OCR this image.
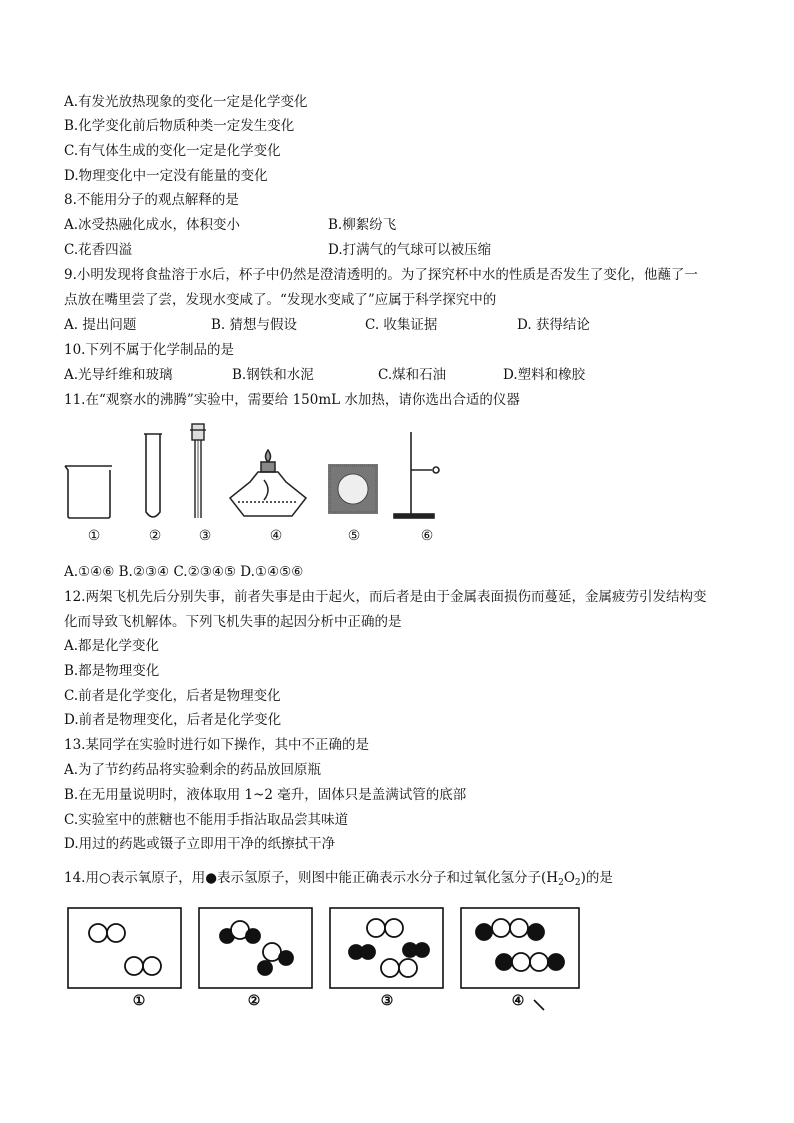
A.有发光放热现象的变化一定是化学变化
B.化学变化前后物质种类一定发生变化
C.有气体生成的变化一定是化学变化
D.物理变化中一定没有能量的变化
8.不能用分子的观点解释的是
A.冰受热融化成水，体积变小	B.柳絮纷飞
C.花香四溢	D.打满气的气球可以被压缩
9.小明发现将食盐溶于水后，杯子中仍然是澄清透明的。为了探究杯中水的性质是否发生了变化，他蘸了一
点放在嘴里尝了尝，发现水变咸了。“发现水变咸了”应属于科学探究中的
A. 提出问题	B. 猜想与假设	C. 收集证据	D. 获得结论
10.下列不属于化学制品的是
A.光导纤维和玻璃	B.钢铁和水泥	C.煤和石油	D.塑料和橡胶
11.在“观察水的沸腾”实验中，需要给 150mL 水加热，请你选出合适的仪器
①	②	③	④	⑤	⑥
A.①④⑥ B.②③④ C.②③④⑤ D.①④⑤⑥
12.两架飞机先后分别失事，前者失事是由于起火，而后者是由于金属表面损伤而蔓延，金属疲劳引发结构变
化而导致飞机解体。下列飞机失事的起因分析中正确的是
A.都是化学变化
B.都是物理变化
C.前者是化学变化，后者是物理变化
D.前者是物理变化，后者是化学变化
13.某同学在实验时进行如下操作，其中不正确的是
A.为了节约药品将实验剩余的药品放回原瓶
B.在无用量说明时，液体取用 1~2 毫升，固体只是盖满试管的底部
C.实验室中的蔗糖也不能用手指沾取品尝其味道
D.用过的药匙或镊子立即用干净的纸擦拭干净
14.用○表示氧原子，用●表示氢原子，则图中能正确表示水分子和过氧化氢分子$(H_2O_2)$的是
①	②	③	④
